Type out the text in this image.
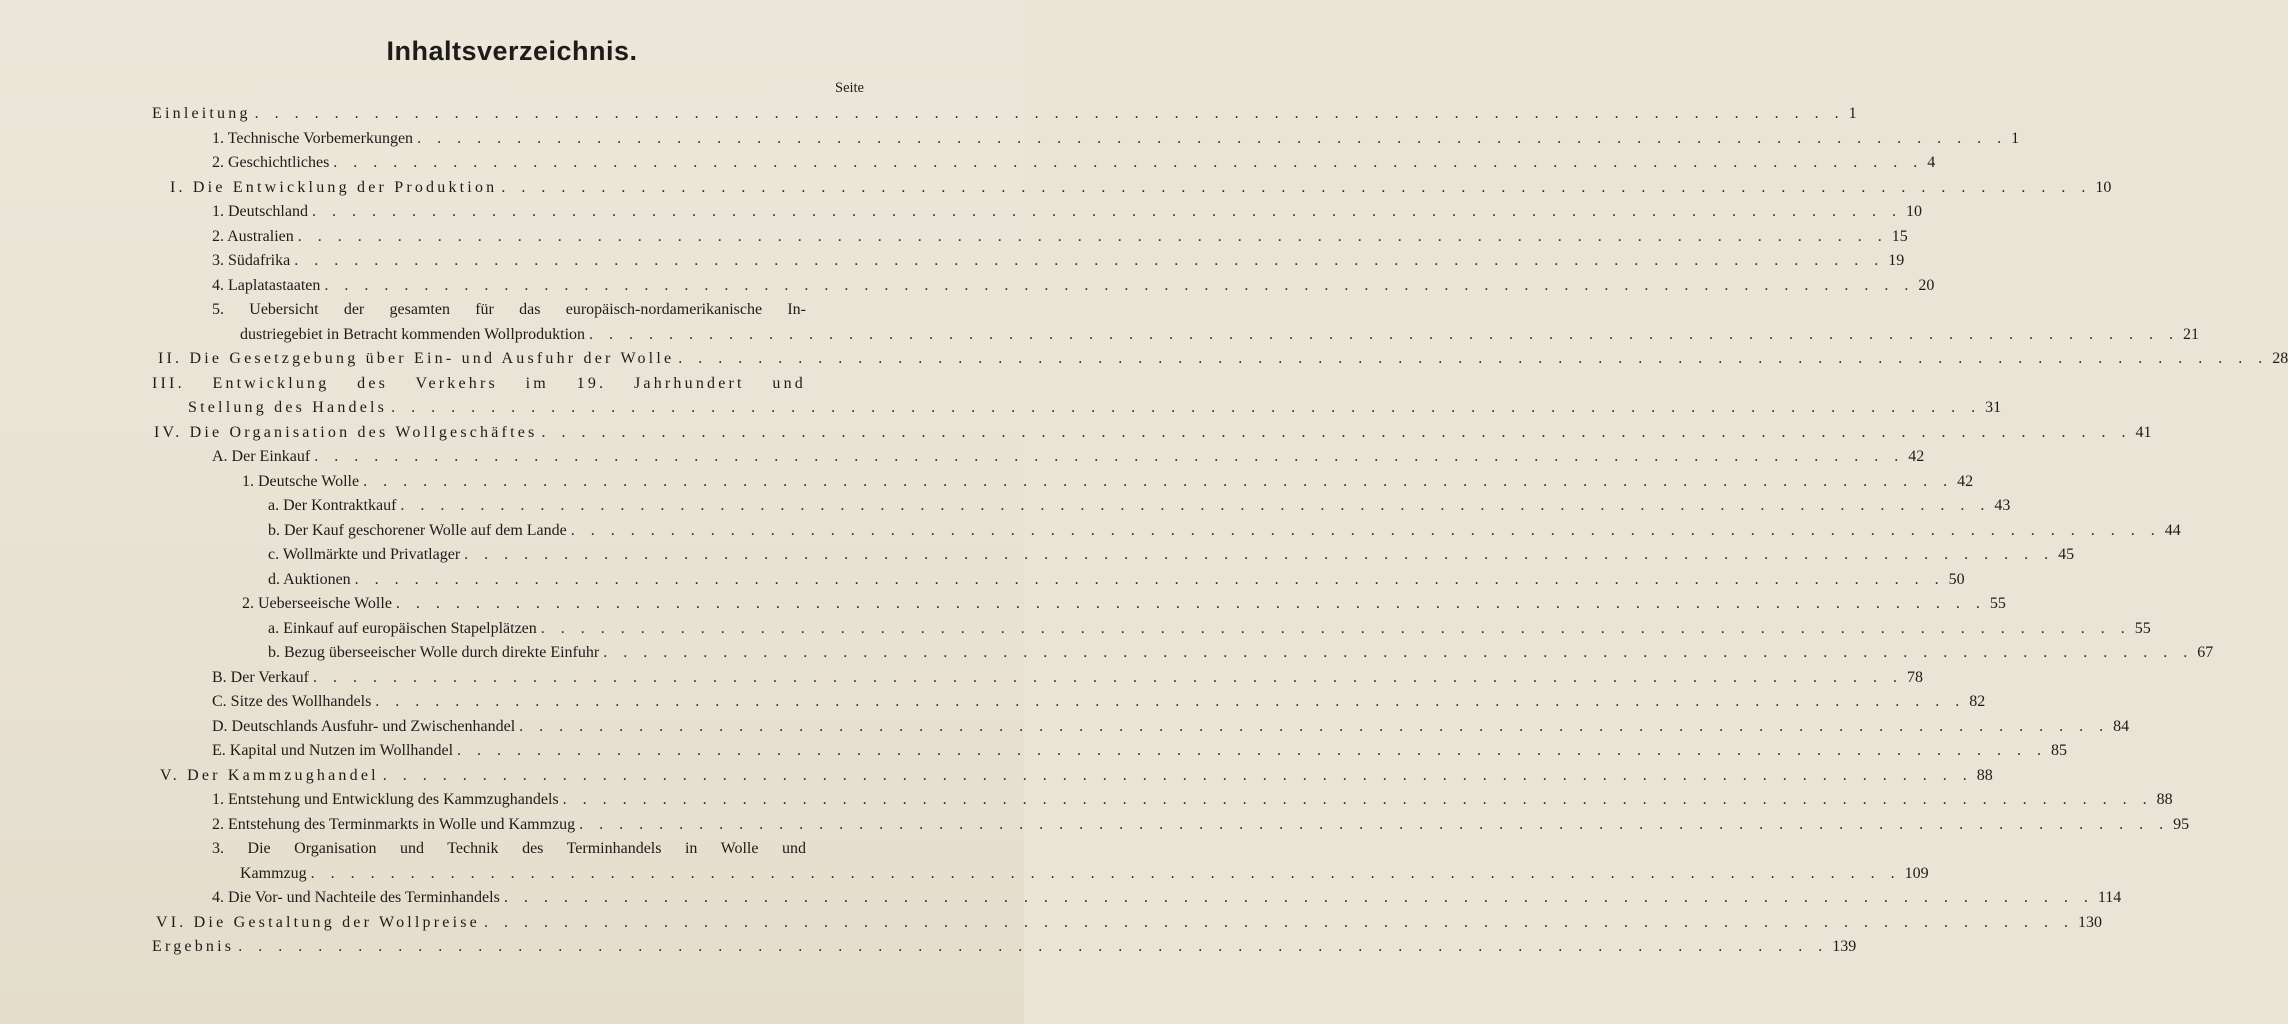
Inhaltsverzeichnis.
Seite
Einleitung . . . . . . . . . . . . . . . . . . . . . . . . . . . . . . . . . . . . . . . . . . . . . . . . . . . . . . . . . . . . . . . . . . . . . . . . . . . . . . . . 1
1. Technische Vorbemerkungen . . . . . . . . . . . . . . . . . . . . . . . . . . . . . . . . . . . . . . . . . . . . . . . . . . . . . . . . . . . . . . . . . . . . . . . . . . . . . . . . 1
2. Geschichtliches . . . . . . . . . . . . . . . . . . . . . . . . . . . . . . . . . . . . . . . . . . . . . . . . . . . . . . . . . . . . . . . . . . . . . . . . . . . . . . . . 4
I. Die Entwicklung der Produktion . . . . . . . . . . . . . . . . . . . . . . . . . . . . . . . . . . . . . . . . . . . . . . . . . . . . . . . . . . . . . . . . . . . . . . . . . . . . . . . . 10
1. Deutschland . . . . . . . . . . . . . . . . . . . . . . . . . . . . . . . . . . . . . . . . . . . . . . . . . . . . . . . . . . . . . . . . . . . . . . . . . . . . . . . . 10
2. Australien . . . . . . . . . . . . . . . . . . . . . . . . . . . . . . . . . . . . . . . . . . . . . . . . . . . . . . . . . . . . . . . . . . . . . . . . . . . . . . . . 15
3. Südafrika . . . . . . . . . . . . . . . . . . . . . . . . . . . . . . . . . . . . . . . . . . . . . . . . . . . . . . . . . . . . . . . . . . . . . . . . . . . . . . . . 19
4. Laplatastaaten . . . . . . . . . . . . . . . . . . . . . . . . . . . . . . . . . . . . . . . . . . . . . . . . . . . . . . . . . . . . . . . . . . . . . . . . . . . . . . . . 20
5. Uebersicht der gesamten für das europäisch-nordamerikanische In-
dustriegebiet in Betracht kommenden Wollproduktion . . . . . . . . . . . . . . . . . . . . . . . . . . . . . . . . . . . . . . . . . . . . . . . . . . . . . . . . . . . . . . . . . . . . . . . . . . . . . . . . 21
II. Die Gesetzgebung über Ein- und Ausfuhr der Wolle . . . . . . . . . . . . . . . . . . . . . . . . . . . . . . . . . . . . . . . . . . . . . . . . . . . . . . . . . . . . . . . . . . . . . . . . . . . . . . . . 28
III. Entwicklung des Verkehrs im 19. Jahrhundert und
Stellung des Handels . . . . . . . . . . . . . . . . . . . . . . . . . . . . . . . . . . . . . . . . . . . . . . . . . . . . . . . . . . . . . . . . . . . . . . . . . . . . . . . . 31
IV. Die Organisation des Wollgeschäftes . . . . . . . . . . . . . . . . . . . . . . . . . . . . . . . . . . . . . . . . . . . . . . . . . . . . . . . . . . . . . . . . . . . . . . . . . . . . . . . . 41
A. Der Einkauf . . . . . . . . . . . . . . . . . . . . . . . . . . . . . . . . . . . . . . . . . . . . . . . . . . . . . . . . . . . . . . . . . . . . . . . . . . . . . . . . 42
1. Deutsche Wolle . . . . . . . . . . . . . . . . . . . . . . . . . . . . . . . . . . . . . . . . . . . . . . . . . . . . . . . . . . . . . . . . . . . . . . . . . . . . . . . . 42
a. Der Kontraktkauf . . . . . . . . . . . . . . . . . . . . . . . . . . . . . . . . . . . . . . . . . . . . . . . . . . . . . . . . . . . . . . . . . . . . . . . . . . . . . . . . 43
b. Der Kauf geschorener Wolle auf dem Lande . . . . . . . . . . . . . . . . . . . . . . . . . . . . . . . . . . . . . . . . . . . . . . . . . . . . . . . . . . . . . . . . . . . . . . . . . . . . . . . . 44
c. Wollmärkte und Privatlager . . . . . . . . . . . . . . . . . . . . . . . . . . . . . . . . . . . . . . . . . . . . . . . . . . . . . . . . . . . . . . . . . . . . . . . . . . . . . . . . 45
d. Auktionen . . . . . . . . . . . . . . . . . . . . . . . . . . . . . . . . . . . . . . . . . . . . . . . . . . . . . . . . . . . . . . . . . . . . . . . . . . . . . . . . 50
2. Ueberseeische Wolle . . . . . . . . . . . . . . . . . . . . . . . . . . . . . . . . . . . . . . . . . . . . . . . . . . . . . . . . . . . . . . . . . . . . . . . . . . . . . . . . 55
a. Einkauf auf europäischen Stapelplätzen . . . . . . . . . . . . . . . . . . . . . . . . . . . . . . . . . . . . . . . . . . . . . . . . . . . . . . . . . . . . . . . . . . . . . . . . . . . . . . . . 55
b. Bezug überseeischer Wolle durch direkte Einfuhr . . . . . . . . . . . . . . . . . . . . . . . . . . . . . . . . . . . . . . . . . . . . . . . . . . . . . . . . . . . . . . . . . . . . . . . . . . . . . . . . 67
B. Der Verkauf . . . . . . . . . . . . . . . . . . . . . . . . . . . . . . . . . . . . . . . . . . . . . . . . . . . . . . . . . . . . . . . . . . . . . . . . . . . . . . . . 78
C. Sitze des Wollhandels . . . . . . . . . . . . . . . . . . . . . . . . . . . . . . . . . . . . . . . . . . . . . . . . . . . . . . . . . . . . . . . . . . . . . . . . . . . . . . . . 82
D. Deutschlands Ausfuhr- und Zwischenhandel . . . . . . . . . . . . . . . . . . . . . . . . . . . . . . . . . . . . . . . . . . . . . . . . . . . . . . . . . . . . . . . . . . . . . . . . . . . . . . . . 84
E. Kapital und Nutzen im Wollhandel . . . . . . . . . . . . . . . . . . . . . . . . . . . . . . . . . . . . . . . . . . . . . . . . . . . . . . . . . . . . . . . . . . . . . . . . . . . . . . . . 85
V. Der Kammzughandel . . . . . . . . . . . . . . . . . . . . . . . . . . . . . . . . . . . . . . . . . . . . . . . . . . . . . . . . . . . . . . . . . . . . . . . . . . . . . . . . 88
1. Entstehung und Entwicklung des Kammzughandels . . . . . . . . . . . . . . . . . . . . . . . . . . . . . . . . . . . . . . . . . . . . . . . . . . . . . . . . . . . . . . . . . . . . . . . . . . . . . . . . 88
2. Entstehung des Terminmarkts in Wolle und Kammzug . . . . . . . . . . . . . . . . . . . . . . . . . . . . . . . . . . . . . . . . . . . . . . . . . . . . . . . . . . . . . . . . . . . . . . . . . . . . . . . . 95
3. Die Organisation und Technik des Terminhandels in Wolle und
Kammzug . . . . . . . . . . . . . . . . . . . . . . . . . . . . . . . . . . . . . . . . . . . . . . . . . . . . . . . . . . . . . . . . . . . . . . . . . . . . . . . . 109
4. Die Vor- und Nachteile des Terminhandels . . . . . . . . . . . . . . . . . . . . . . . . . . . . . . . . . . . . . . . . . . . . . . . . . . . . . . . . . . . . . . . . . . . . . . . . . . . . . . . . 114
VI. Die Gestaltung der Wollpreise . . . . . . . . . . . . . . . . . . . . . . . . . . . . . . . . . . . . . . . . . . . . . . . . . . . . . . . . . . . . . . . . . . . . . . . . . . . . . . . . 130
Ergebnis . . . . . . . . . . . . . . . . . . . . . . . . . . . . . . . . . . . . . . . . . . . . . . . . . . . . . . . . . . . . . . . . . . . . . . . . . . . . . . . . 139
